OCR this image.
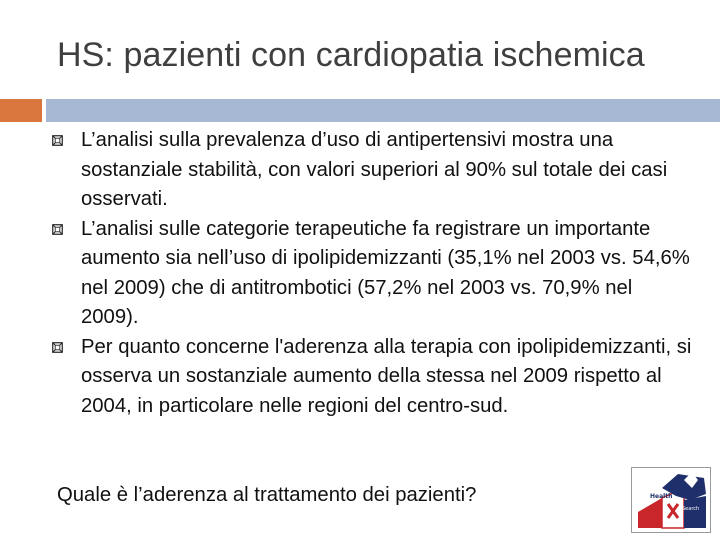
HS: pazienti con cardiopatia ischemica
L’analisi sulla prevalenza d’uso di antipertensivi mostra una sostanziale stabilità, con valori superiori al 90% sul totale dei casi osservati.
L’analisi sulle categorie terapeutiche fa registrare un importante aumento sia nell’uso di ipolipidemizzanti (35,1% nel 2003 vs. 54,6% nel 2009) che di antitrombotici (57,2% nel 2003 vs. 70,9% nel 2009).
Per quanto concerne l'aderenza alla terapia con ipolipidemizzanti, si osserva un sostanziale aumento della stessa nel 2009 rispetto al 2004, in particolare nelle regioni del centro-sud.
Quale è l’aderenza al trattamento dei pazienti?	Health
Search
